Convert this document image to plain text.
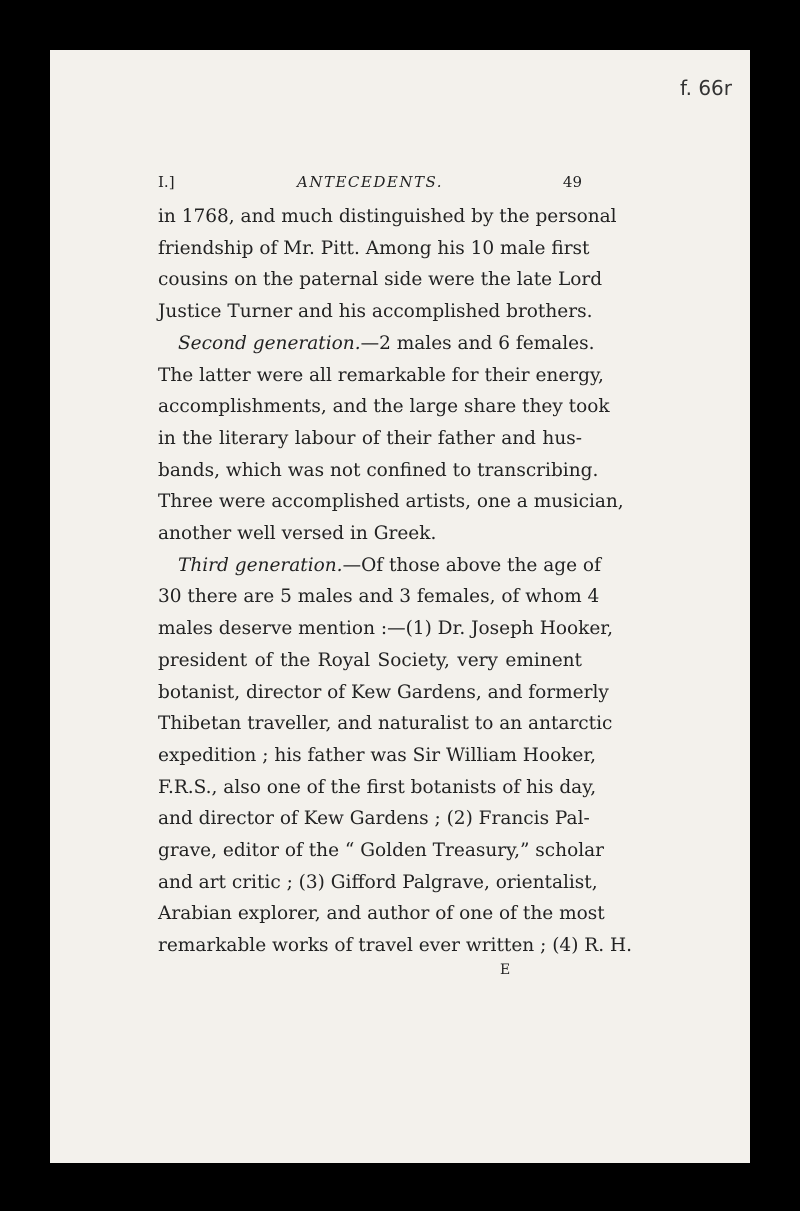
f. 66r
I.]	ANTECEDENTS.	49
in 1768, and much distinguished by the personal
friendship of Mr. Pitt. Among his 10 male first
cousins on the paternal side were the late Lord
Justice Turner and his accomplished brothers.
Second generation.—2 males and 6 females.
The latter were all remarkable for their energy,
accomplishments, and the large share they took
in the literary labour of their father and hus-
bands, which was not confined to transcribing.
Three were accomplished artists, one a musician,
another well versed in Greek.
Third generation.—Of those above the age of
30 there are 5 males and 3 females, of whom 4
males deserve mention :—(1) Dr. Joseph Hooker,
president of the Royal Society, very eminent
botanist, director of Kew Gardens, and formerly
Thibetan traveller, and naturalist to an antarctic
expedition ; his father was Sir William Hooker,
F.R.S., also one of the first botanists of his day,
and director of Kew Gardens ; (2) Francis Pal-
grave, editor of the “ Golden Treasury,” scholar
and art critic ; (3) Gifford Palgrave, orientalist,
Arabian explorer, and author of one of the most
remarkable works of travel ever written ; (4) R. H.
E
